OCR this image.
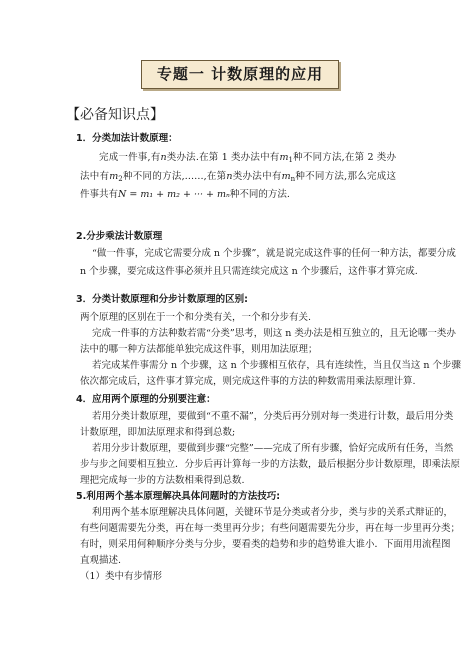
专题一 计数原理的应用
【必备知识点】
1．分类加法计数原理：
完成一件事,有n类办法.在第 1 类办法中有$m_1$种不同方法,在第 2 类办法中有$m_2$种不同的方法,……,在第n类办法中有$m_n$种不同方法,那么完成这件事共有N = m₁ + m₂ + ··· + mₙ种不同的方法.
2.分步乘法计数原理
“做一件事，完成它需要分成 n 个步骤”，就是说完成这件事的任何一种方法，都要分成
n 个步骤，要完成这件事必须并且只需连续完成这 n 个步骤后，这件事才算完成.
3．分类计数原理和分步计数原理的区别:
两个原理的区别在于一个和分类有关，一个和分步有关.
完成一件事的方法种数若需“分类”思考，则这 n 类办法是相互独立的，且无论哪一类办
法中的哪一种方法都能单独完成这件事，则用加法原理；
若完成某件事需分 n 个步骤，这 n 个步骤相互依存，具有连续性，当且仅当这 n 个步骤
依次都完成后，这件事才算完成，则完成这件事的方法的种数需用乘法原理计算.
4．应用两个原理的分别要注意：
若用分类计数原理，要做到“不重不漏”，分类后再分别对每一类进行计数，最后用分类
计数原理，即加法原理求和得到总数;
若用分步计数原理，要做到步骤“完整”——完成了所有步骤，恰好完成所有任务，当然
步与步之间要相互独立．分步后再计算每一步的方法数，最后根据分步计数原理，即乘法原
理把完成每一步的方法数相乘得到总数.
5.利用两个基本原理解决具体问题时的方法技巧:
利用两个基本原理解决具体问题，关键环节是分类或者分步，类与步的关系式辩证的，
有些问题需要先分类，再在每一类里再分步；有些问题需要先分步，再在每一步里再分类；
有时，则采用何种顺序分类与分步，要看类的趋势和步的趋势谁大谁小．下面用用流程图
直观描述.
（1）类中有步情形
